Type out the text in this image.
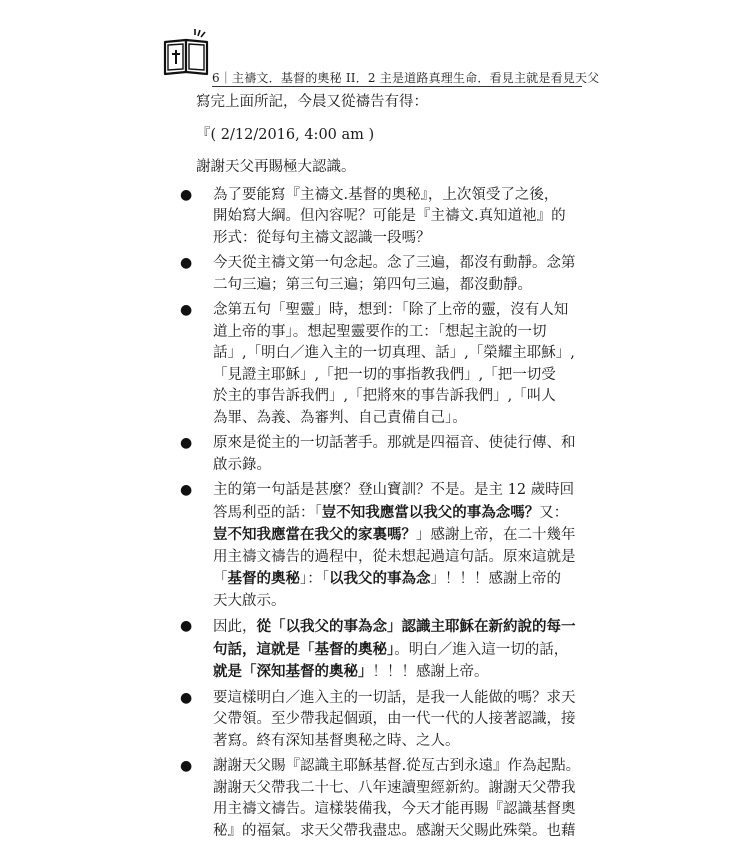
6｜主禱文．基督的奧秘 II．2 主是道路真理生命．看見主就是看見天父

寫完上面所記，今晨又從禱告有得：

『( 2/12/2016, 4:00 am )

謝謝天父再賜極大認識。

● 為了要能寫『主禱文.基督的奧秘』，上次領受了之後，
開始寫大綱。但內容呢？可能是『主禱文.真知道祂』的
形式：從每句主禱文認識一段嗎？
● 今天從主禱文第一句念起。念了三遍，都沒有動靜。念第
二句三遍；第三句三遍；第四句三遍，都沒動靜。
● 念第五句「聖靈」時，想到：「除了上帝的靈，沒有人知
道上帝的事」。想起聖靈要作的工：「想起主說的一切
話」,「明白／進入主的一切真理、話」,「榮耀主耶穌」,
「見證主耶穌」,「把一切的事指教我們」,「把一切受
於主的事告訴我們」,「把將來的事告訴我們」,「叫人
為罪、為義、為審判、自己責備自己」。
● 原來是從主的一切話著手。那就是四福音、使徒行傳、和
啟示錄。
● 主的第一句話是甚麼？登山寶訓？不是。是主 12 歲時回
答馬利亞的話：「豈不知我應當以我父的事為念嗎？又：
豈不知我應當在我父的家裏嗎？」感謝上帝，在二十幾年
用主禱文禱告的過程中，從未想起過這句話。原來這就是
「基督的奧秘」：「以我父的事為念」！！！感謝上帝的
天大啟示。
● 因此，從「以我父的事為念」認識主耶穌在新約說的每一
句話，這就是「基督的奧秘」。明白／進入這一切的話，
就是「深知基督的奧秘」！！！感謝上帝。
● 要這樣明白／進入主的一切話，是我一人能做的嗎？求天
父帶領。至少帶我起個頭，由一代一代的人接著認識，接
著寫。終有深知基督奧秘之時、之人。
● 謝謝天父賜『認識主耶穌基督.從亙古到永遠』作為起點。
謝謝天父帶我二十七、八年速讀聖經新約。謝謝天父帶我
用主禱文禱告。這樣裝備我，今天才能再賜『認識基督奧
秘』的福氣。求天父帶我盡忠。感謝天父賜此殊榮。也藉
